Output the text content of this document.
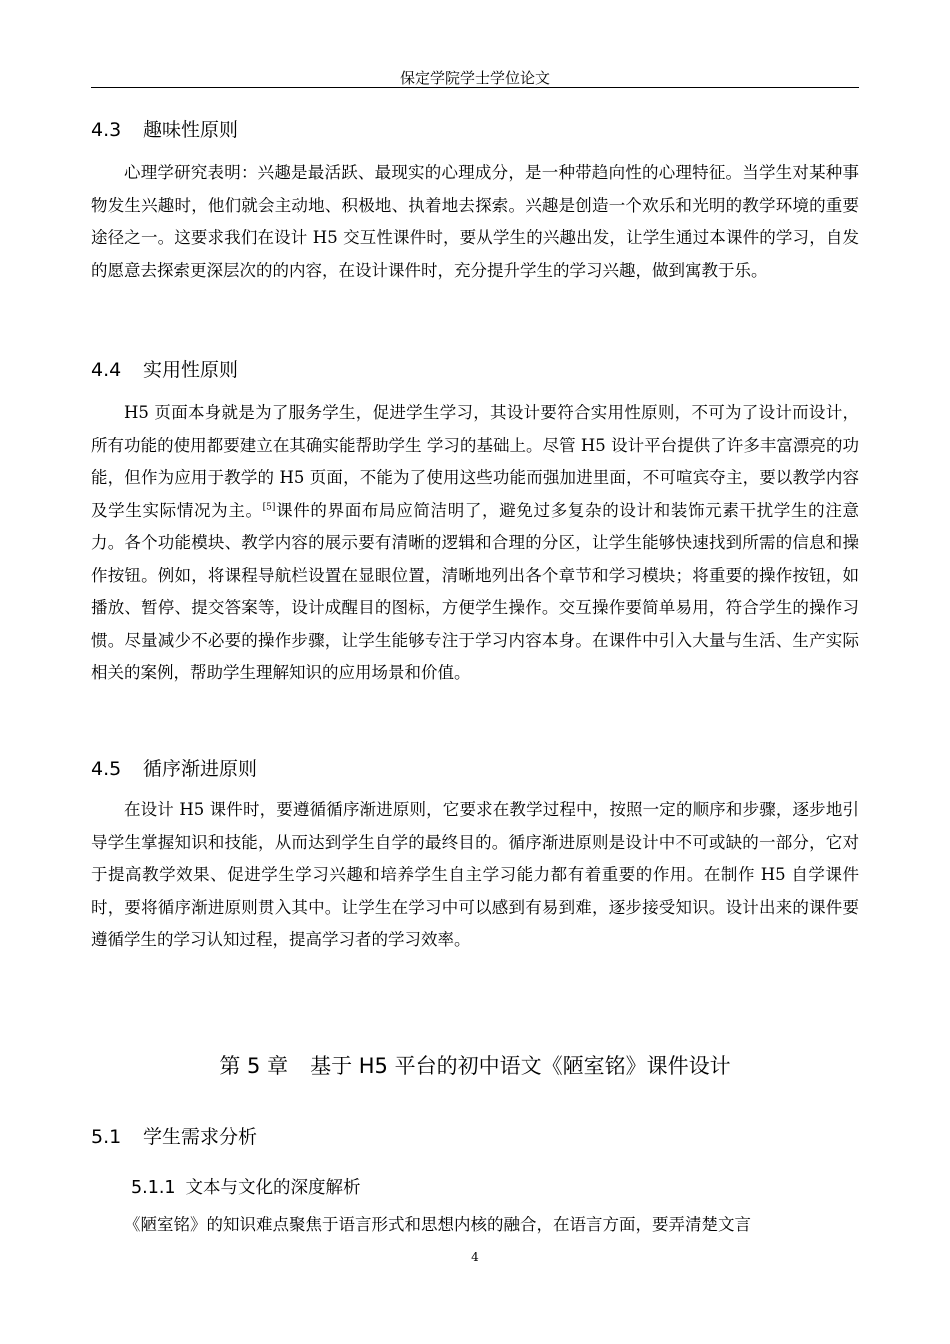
保定学院学士学位论文
4.3 趣味性原则

心理学研究表明：兴趣是最活跃、最现实的心理成分，是一种带趋向性的心理特征。当学生对某种事物发生兴趣时，他们就会主动地、积极地、执着地去探索。兴趣是创造一个欢乐和光明的教学环境的重要途径之一。这要求我们在设计 H5 交互性课件时，要从学生的兴趣出发，让学生通过本课件的学习，自发的愿意去探索更深层次的的内容，在设计课件时，充分提升学生的学习兴趣，做到寓教于乐。

4.4 实用性原则

H5 页面本身就是为了服务学生，促进学生学习，其设计要符合实用性原则，不可为了设计而设计，所有功能的使用都要建立在其确实能帮助学生 学习的基础上。尽管 H5 设计平台提供了许多丰富漂亮的功能，但作为应用于教学的 H5 页面，不能为了使用这些功能而强加进里面，不可喧宾夺主，要以教学内容及学生实际情况为主。[5]课件的界面布局应简洁明了，避免过多复杂的设计和装饰元素干扰学生的注意力。各个功能模块、教学内容的展示要有清晰的逻辑和合理的分区，让学生能够快速找到所需的信息和操作按钮。例如，将课程导航栏设置在显眼位置，清晰地列出各个章节和学习模块；将重要的操作按钮，如播放、暂停、提交答案等，设计成醒目的图标，方便学生操作。交互操作要简单易用，符合学生的操作习惯。尽量减少不必要的操作步骤，让学生能够专注于学习内容本身。在课件中引入大量与生活、生产实际相关的案例，帮助学生理解知识的应用场景和价值。

4.5 循序渐进原则

在设计 H5 课件时，要遵循循序渐进原则，它要求在教学过程中，按照一定的顺序和步骤，逐步地引导学生掌握知识和技能，从而达到学生自学的最终目的。循序渐进原则是设计中不可或缺的一部分，它对于提高教学效果、促进学生学习兴趣和培养学生自主学习能力都有着重要的作用。在制作 H5 自学课件时，要将循序渐进原则贯入其中。让学生在学习中可以感到有易到难，逐步接受知识。设计出来的课件要遵循学生的学习认知过程，提高学习者的学习效率。

第 5 章 基于 H5 平台的初中语文《陋室铭》课件设计
5.1 学生需求分析
5.1.1 文本与文化的深度解析

《陋室铭》的知识难点聚焦于语言形式和思想内核的融合，在语言方面，要弄清楚文言

4
